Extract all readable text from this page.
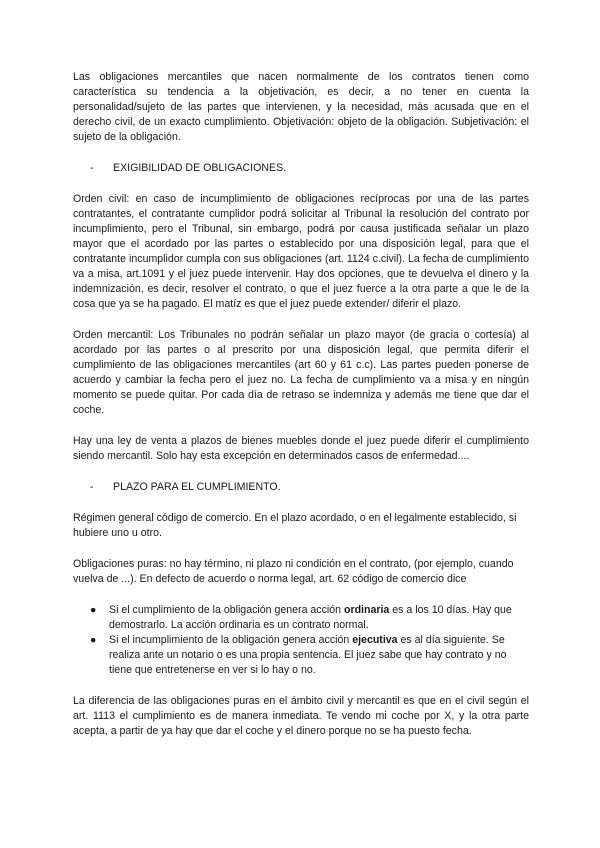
Las obligaciones mercantiles que nacen normalmente de los contratos tienen como característica su tendencia a la objetivación, es decir, a no tener en cuenta la personalidad/sujeto de las partes que intervienen, y la necesidad, más acusada que en el derecho civil, de un exacto cumplimiento. Objetivación: objeto de la obligación. Subjetivación: el sujeto de la obligación.

-	EXIGIBILIDAD DE OBLIGACIONES.

Orden civil: en caso de incumplimiento de obligaciones recíprocas por una de las partes contratantes, el contratante cumplidor podrá solicitar al Tribunal la resolución del contrato por incumplimiento, pero el Tribunal, sin embargo, podrá por causa justificada señalar un plazo mayor que el acordado por las partes o establecido por una disposición legal, para que el contratante incumplidor cumpla con sus obligaciones (art. 1124 c.civil). La fecha de cumplimiento va a misa, art.1091 y el juez puede intervenir. Hay dos opciones, que te devuelva el dinero y la indemnización, es decir, resolver el contrato, o que el juez fuerce a la otra parte a que le de la cosa que ya se ha pagado. El matíz es que el juez puede extender/ diferir el plazo.

Orden mercantil: Los Tribunales no podrán señalar un plazo mayor (de gracia o cortesía) al acordado por las partes o al prescrito por una disposición legal, que permita diferir el cumplimiento de las obligaciones mercantiles (art 60 y 61 c.c). Las partes pueden ponerse de acuerdo y cambiar la fecha pero el juez no. La fecha de cumplimiento va a misa y en ningún momento se puede quitar. Por cada día de retraso se indemniza y además me tiene que dar el coche.

Hay una ley de venta a plazos de bienes muebles donde el juez puede diferir el cumplimiento siendo mercantil. Solo hay esta excepción en determinados casos de enfermedad....

-	PLAZO PARA EL CUMPLIMIENTO.

Régimen general código de comercio. En el plazo acordado, o en el legalmente establecido, si hubiere uno u otro.

Obligaciones puras: no hay término, ni plazo ni condición en el contrato, (por ejemplo, cuando vuelva de ...). En defecto de acuerdo o norma legal, art. 62 código de comercio dice

● Si el cumplimiento de la obligación genera acción ordinaria es a los 10 días. Hay que demostrarlo. La acción ordinaria es un contrato normal.
● Si el incumplimiento de la obligación genera acción ejecutiva es al día siguiente. Se realiza ante un notario o es una propia sentencia. El juez sabe que hay contrato y no tiene que entretenerse en ver si lo hay o no.

La diferencia de las obligaciones puras en el ámbito civil y mercantil es que en el civil según el art. 1113 el cumplimiento es de manera inmediata. Te vendo mi coche por X, y la otra parte acepta, a partir de ya hay que dar el coche y el dinero porque no se ha puesto fecha.
